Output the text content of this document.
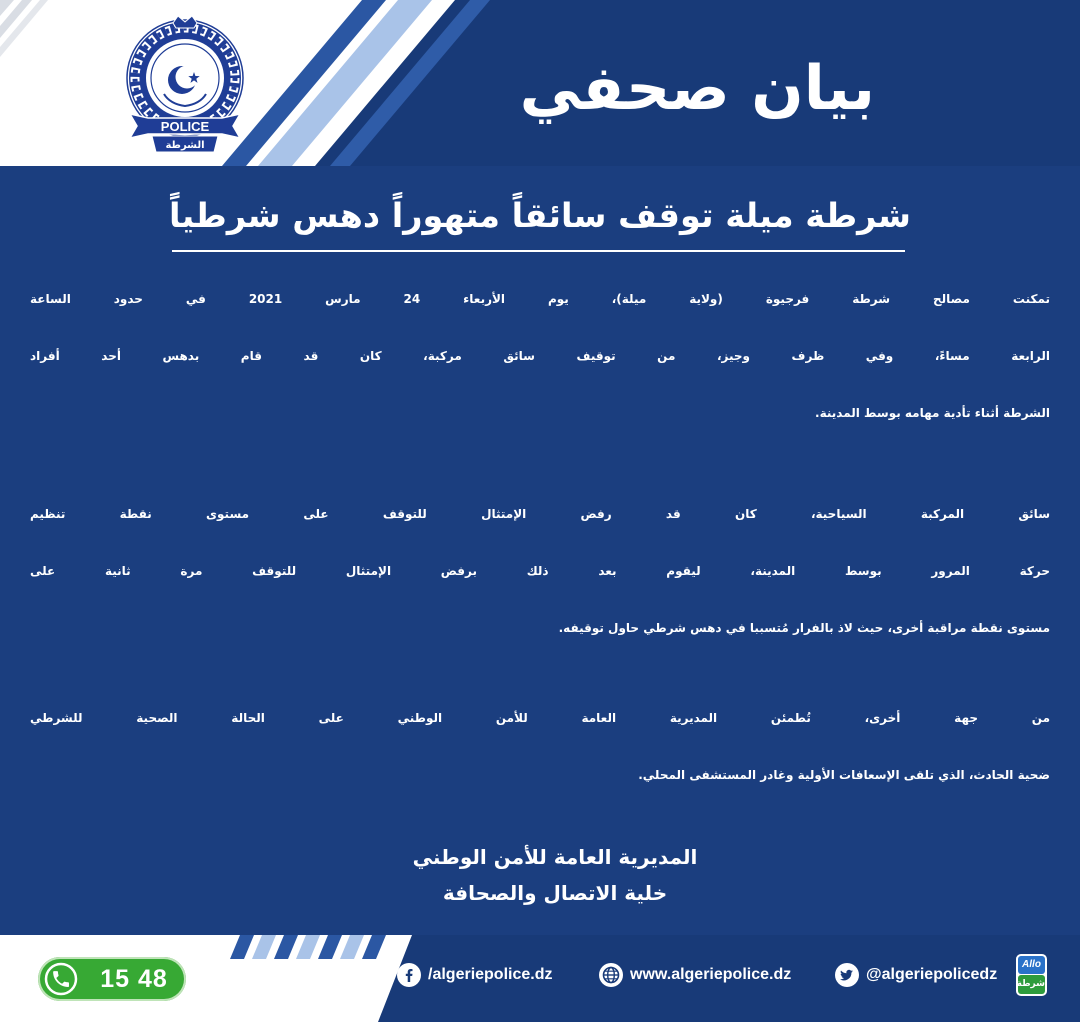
POLICE
الشرطة
بيان صحفي
شرطة ميلة توقف سائقاً متهوراً دهس شرطياً
تمكنت مصالح شرطة فرجيوة (ولاية ميلة)، يوم الأربعاء 24 مارس 2021 في حدود الساعة
الرابعة مساءً، وفي ظرف وجيز، من توقيف سائق مركبة، كان قد قام بدهس أحد أفراد
الشرطة أثناء تأدية مهامه بوسط المدينة.
سائق المركبة السياحية، كان قد رفض الإمتثال للتوقف على مستوى نقطة تنظيم
حركة المرور بوسط المدينة، ليقوم بعد ذلك برفض الإمتثال للتوقف مرة ثانية على
مستوى نقطة مراقبة أخرى، حيث لاذ بالفرار مُتسببا في دهس شرطي حاول توقيفه.
من جهة أخرى، تُطمئن المديرية العامة للأمن الوطني على الحالة الصحية للشرطي
ضحية الحادث، الذي تلقى الإسعافات الأولية وغادر المستشفى المحلي.
المديرية العامة للأمن الوطني
خلية الاتصال والصحافة
15 48	/algeriepolice.dz	www.algeriepolice.dz	@algeriepolicedz
Allo
شرطة
